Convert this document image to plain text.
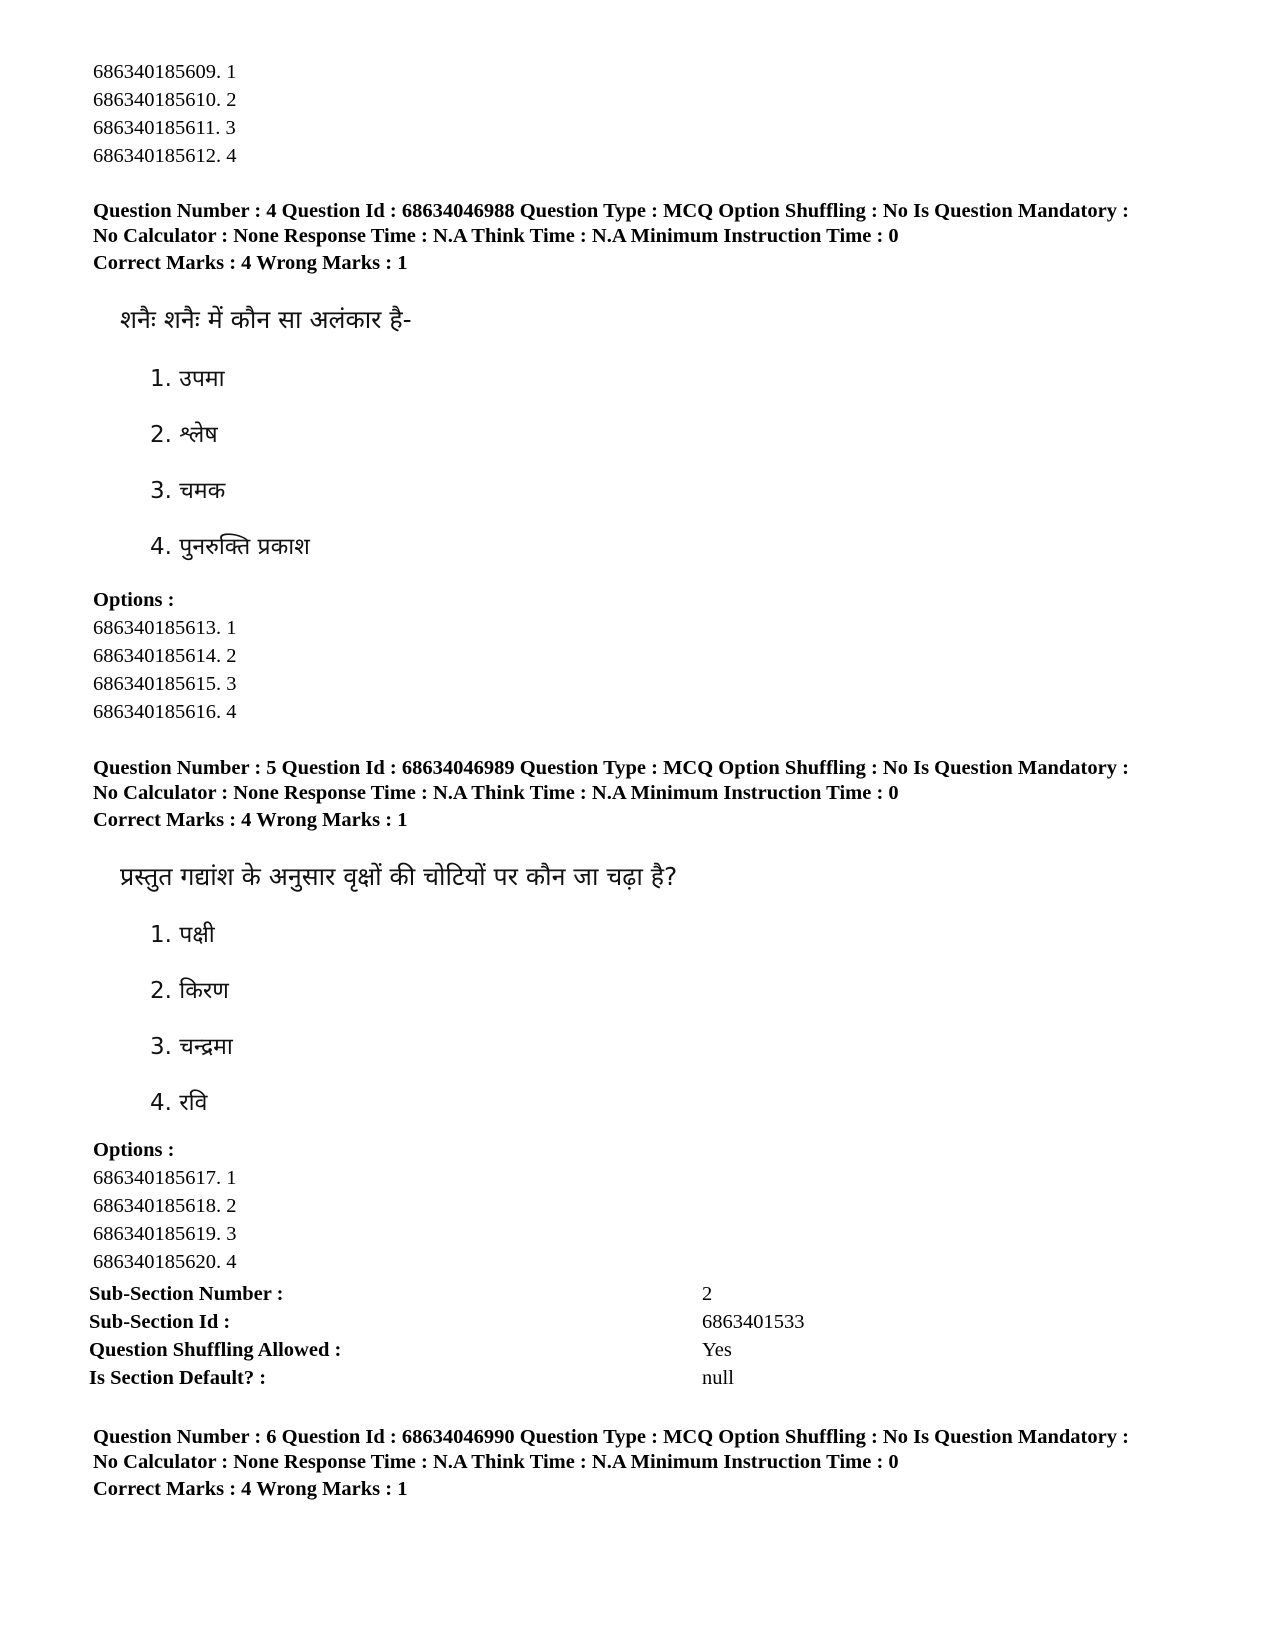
686340185609. 1
686340185610. 2
686340185611. 3
686340185612. 4
Question Number : 4 Question Id : 68634046988 Question Type : MCQ Option Shuffling : No Is Question Mandatory :
No Calculator : None Response Time : N.A Think Time : N.A Minimum Instruction Time : 0
Correct Marks : 4 Wrong Marks : 1
शनैः शनैः में कौन सा अलंकार है-
1. उपमा
2. श्लेष
3. चमक
4. पुनरुक्ति प्रकाश
Options :
686340185613. 1
686340185614. 2
686340185615. 3
686340185616. 4
Question Number : 5 Question Id : 68634046989 Question Type : MCQ Option Shuffling : No Is Question Mandatory :
No Calculator : None Response Time : N.A Think Time : N.A Minimum Instruction Time : 0
Correct Marks : 4 Wrong Marks : 1
प्रस्तुत गद्यांश के अनुसार वृक्षों की चोटियों पर कौन जा चढ़ा है?
1. पक्षी
2. किरण
3. चन्द्रमा
4. रवि
Options :
686340185617. 1
686340185618. 2
686340185619. 3
686340185620. 4
Sub-Section Number :	2
Sub-Section Id :	6863401533
Question Shuffling Allowed :	Yes
Is Section Default? :	null
Question Number : 6 Question Id : 68634046990 Question Type : MCQ Option Shuffling : No Is Question Mandatory :
No Calculator : None Response Time : N.A Think Time : N.A Minimum Instruction Time : 0
Correct Marks : 4 Wrong Marks : 1
